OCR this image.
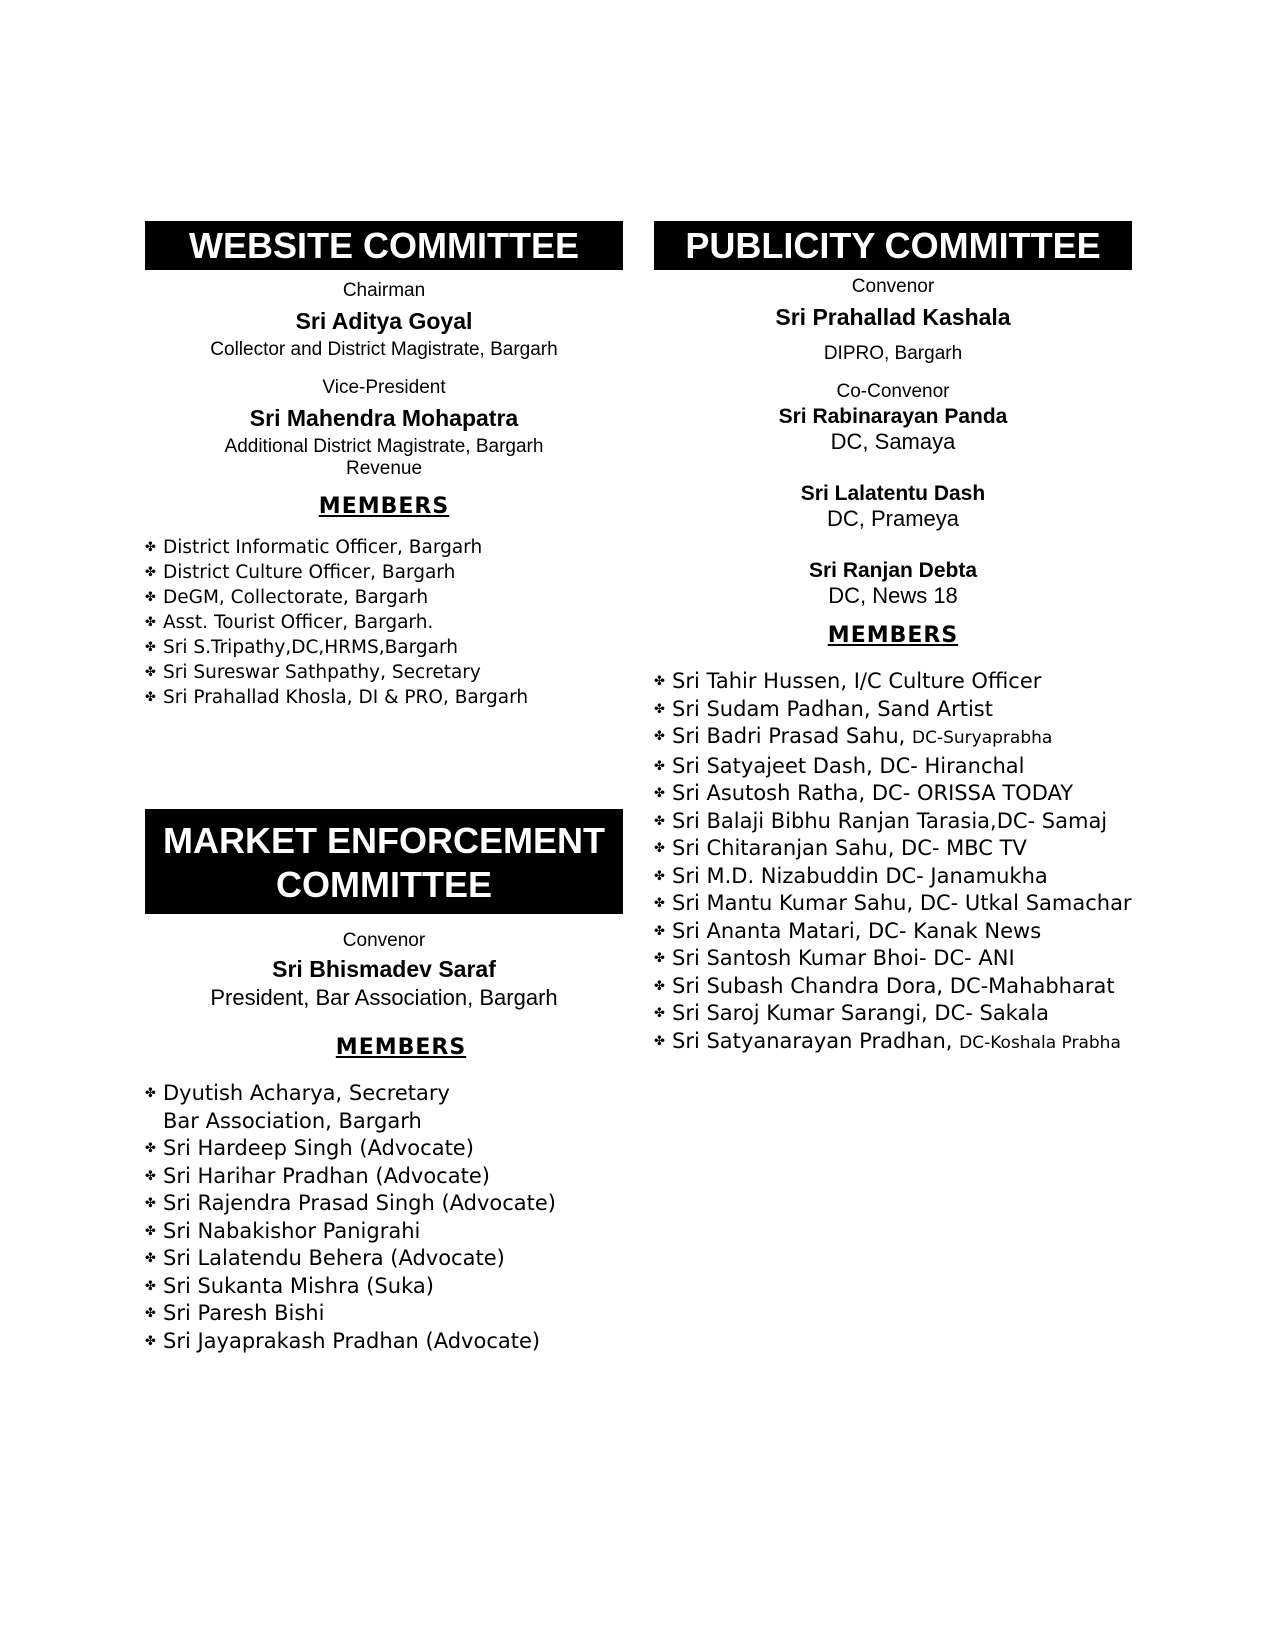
WEBSITE COMMITTEE
Chairman
Sri Aditya Goyal
Collector and District Magistrate, Bargarh
Vice-President
Sri Mahendra Mohapatra
Additional District Magistrate, Bargarh
Revenue
MEMBERS
✤ District Informatic Officer, Bargarh
✤ District Culture Officer, Bargarh
✤ DeGM, Collectorate, Bargarh
✤ Asst. Tourist Officer, Bargarh.
✤ Sri S.Tripathy,DC,HRMS,Bargarh
✤ Sri Sureswar Sathpathy, Secretary
✤ Sri Prahallad Khosla, DI & PRO, Bargarh
MARKET ENFORCEMENT
COMMITTEE
Convenor
Sri Bhismadev Saraf
President, Bar Association, Bargarh
MEMBERS
✤ Dyutish Acharya, Secretary
Bar Association, Bargarh
✤ Sri Hardeep Singh (Advocate)
✤ Sri Harihar Pradhan (Advocate)
✤ Sri Rajendra Prasad Singh (Advocate)
✤ Sri Nabakishor Panigrahi
✤ Sri Lalatendu Behera (Advocate)
✤ Sri Sukanta Mishra (Suka)
✤ Sri Paresh Bishi
✤ Sri Jayaprakash Pradhan (Advocate)
PUBLICITY COMMITTEE
Convenor
Sri Prahallad Kashala
DIPRO, Bargarh
Co-Convenor
Sri Rabinarayan Panda
DC, Samaya
Sri Lalatentu Dash
DC, Prameya
Sri Ranjan Debta
DC, News 18
MEMBERS
✤ Sri Tahir Hussen, I/C Culture Officer
✤ Sri Sudam Padhan, Sand Artist
✤ Sri Badri Prasad Sahu, DC-Suryaprabha
✤ Sri Satyajeet Dash, DC- Hiranchal
✤ Sri Asutosh Ratha, DC- ORISSA TODAY
✤ Sri Balaji Bibhu Ranjan Tarasia,DC- Samaj
✤ Sri Chitaranjan Sahu, DC- MBC TV
✤ Sri M.D. Nizabuddin DC- Janamukha
✤ Sri Mantu Kumar Sahu, DC- Utkal Samachar
✤ Sri Ananta Matari, DC- Kanak News
✤ Sri Santosh Kumar Bhoi- DC- ANI
✤ Sri Subash Chandra Dora, DC-Mahabharat
✤ Sri Saroj Kumar Sarangi, DC- Sakala
✤ Sri Satyanarayan Pradhan, DC-Koshala Prabha
